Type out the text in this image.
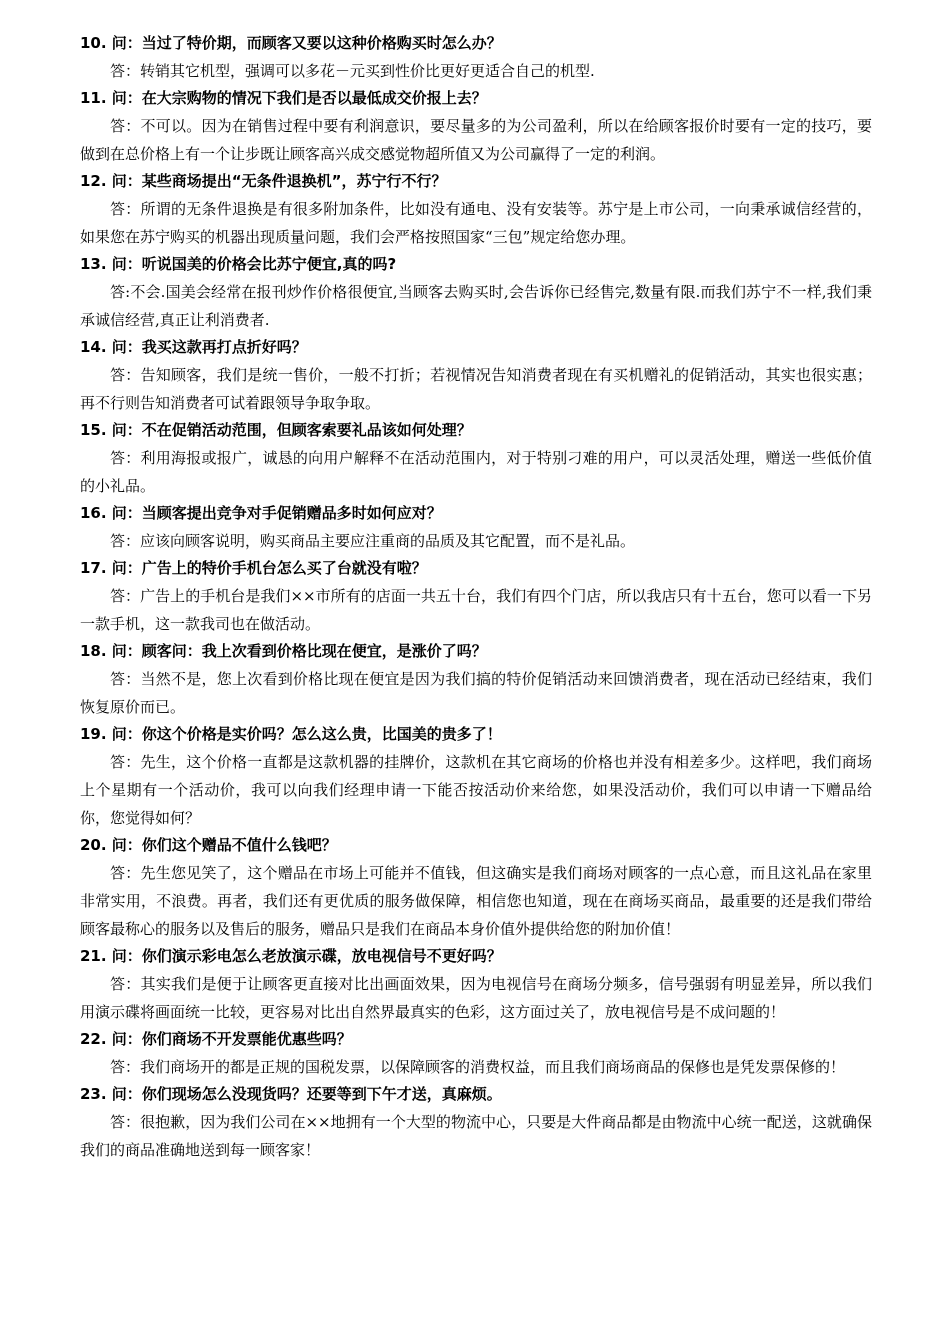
10. 问：当过了特价期，而顾客又要以这种价格购买时怎么办？

答：转销其它机型，强调可以多花－元买到性价比更好更适合自己的机型.

11. 问：在大宗购物的情况下我们是否以最低成交价报上去？

答：不可以。因为在销售过程中要有利润意识，要尽量多的为公司盈利，所以在给顾客报价时要有一定的技巧，要做到在总价格上有一个让步既让顾客高兴成交感觉物超所值又为公司赢得了一定的利润。

12. 问：某些商场提出“无条件退换机”，苏宁行不行？

答：所谓的无条件退换是有很多附加条件，比如没有通电、没有安装等。苏宁是上市公司，一向秉承诚信经营的，如果您在苏宁购买的机器出现质量问题，我们会严格按照国家“三包”规定给您办理。

13. 问：听说国美的价格会比苏宁便宜,真的吗?

答:不会.国美会经常在报刊炒作价格很便宜,当顾客去购买时,会告诉你已经售完,数量有限.而我们苏宁不一样,我们秉承诚信经营,真正让利消费者.

14. 问：我买这款再打点折好吗？

答：告知顾客，我们是统一售价，一般不打折；若视情况告知消费者现在有买机赠礼的促销活动，其实也很实惠；再不行则告知消费者可试着跟领导争取争取。

15. 问：不在促销活动范围，但顾客索要礼品该如何处理？

答：利用海报或报广，诚恳的向用户解释不在活动范围内，对于特别刁难的用户，可以灵活处理，赠送一些低价值的小礼品。

16. 问：当顾客提出竞争对手促销赠品多时如何应对？

答：应该向顾客说明，购买商品主要应注重商的品质及其它配置，而不是礼品。

17. 问：广告上的特价手机台怎么买了台就没有啦？

答：广告上的手机台是我们××市所有的店面一共五十台，我们有四个门店，所以我店只有十五台，您可以看一下另一款手机，这一款我司也在做活动。

18. 问：顾客问：我上次看到价格比现在便宜，是涨价了吗？

答：当然不是，您上次看到价格比现在便宜是因为我们搞的特价促销活动来回馈消费者，现在活动已经结束，我们恢复原价而已。

19. 问：你这个价格是实价吗？怎么这么贵，比国美的贵多了！

答：先生，这个价格一直都是这款机器的挂牌价，这款机在其它商场的价格也并没有相差多少。这样吧，我们商场上个星期有一个活动价，我可以向我们经理申请一下能否按活动价来给您，如果没活动价，我们可以申请一下赠品给你，您觉得如何？

20. 问：你们这个赠品不值什么钱吧？

答：先生您见笑了，这个赠品在市场上可能并不值钱，但这确实是我们商场对顾客的一点心意，而且这礼品在家里非常实用，不浪费。再者，我们还有更优质的服务做保障，相信您也知道，现在在商场买商品，最重要的还是我们带给顾客最称心的服务以及售后的服务，赠品只是我们在商品本身价值外提供给您的附加价值！

21. 问：你们演示彩电怎么老放演示碟，放电视信号不更好吗？

答：其实我们是便于让顾客更直接对比出画面效果，因为电视信号在商场分频多，信号强弱有明显差异，所以我们用演示碟将画面统一比较，更容易对比出自然界最真实的色彩，这方面过关了，放电视信号是不成问题的！

22. 问：你们商场不开发票能优惠些吗？

答：我们商场开的都是正规的国税发票，以保障顾客的消费权益，而且我们商场商品的保修也是凭发票保修的！

23. 问：你们现场怎么没现货吗？还要等到下午才送，真麻烦。

答：很抱歉，因为我们公司在××地拥有一个大型的物流中心，只要是大件商品都是由物流中心统一配送，这就确保我们的商品准确地送到每一顾客家！
